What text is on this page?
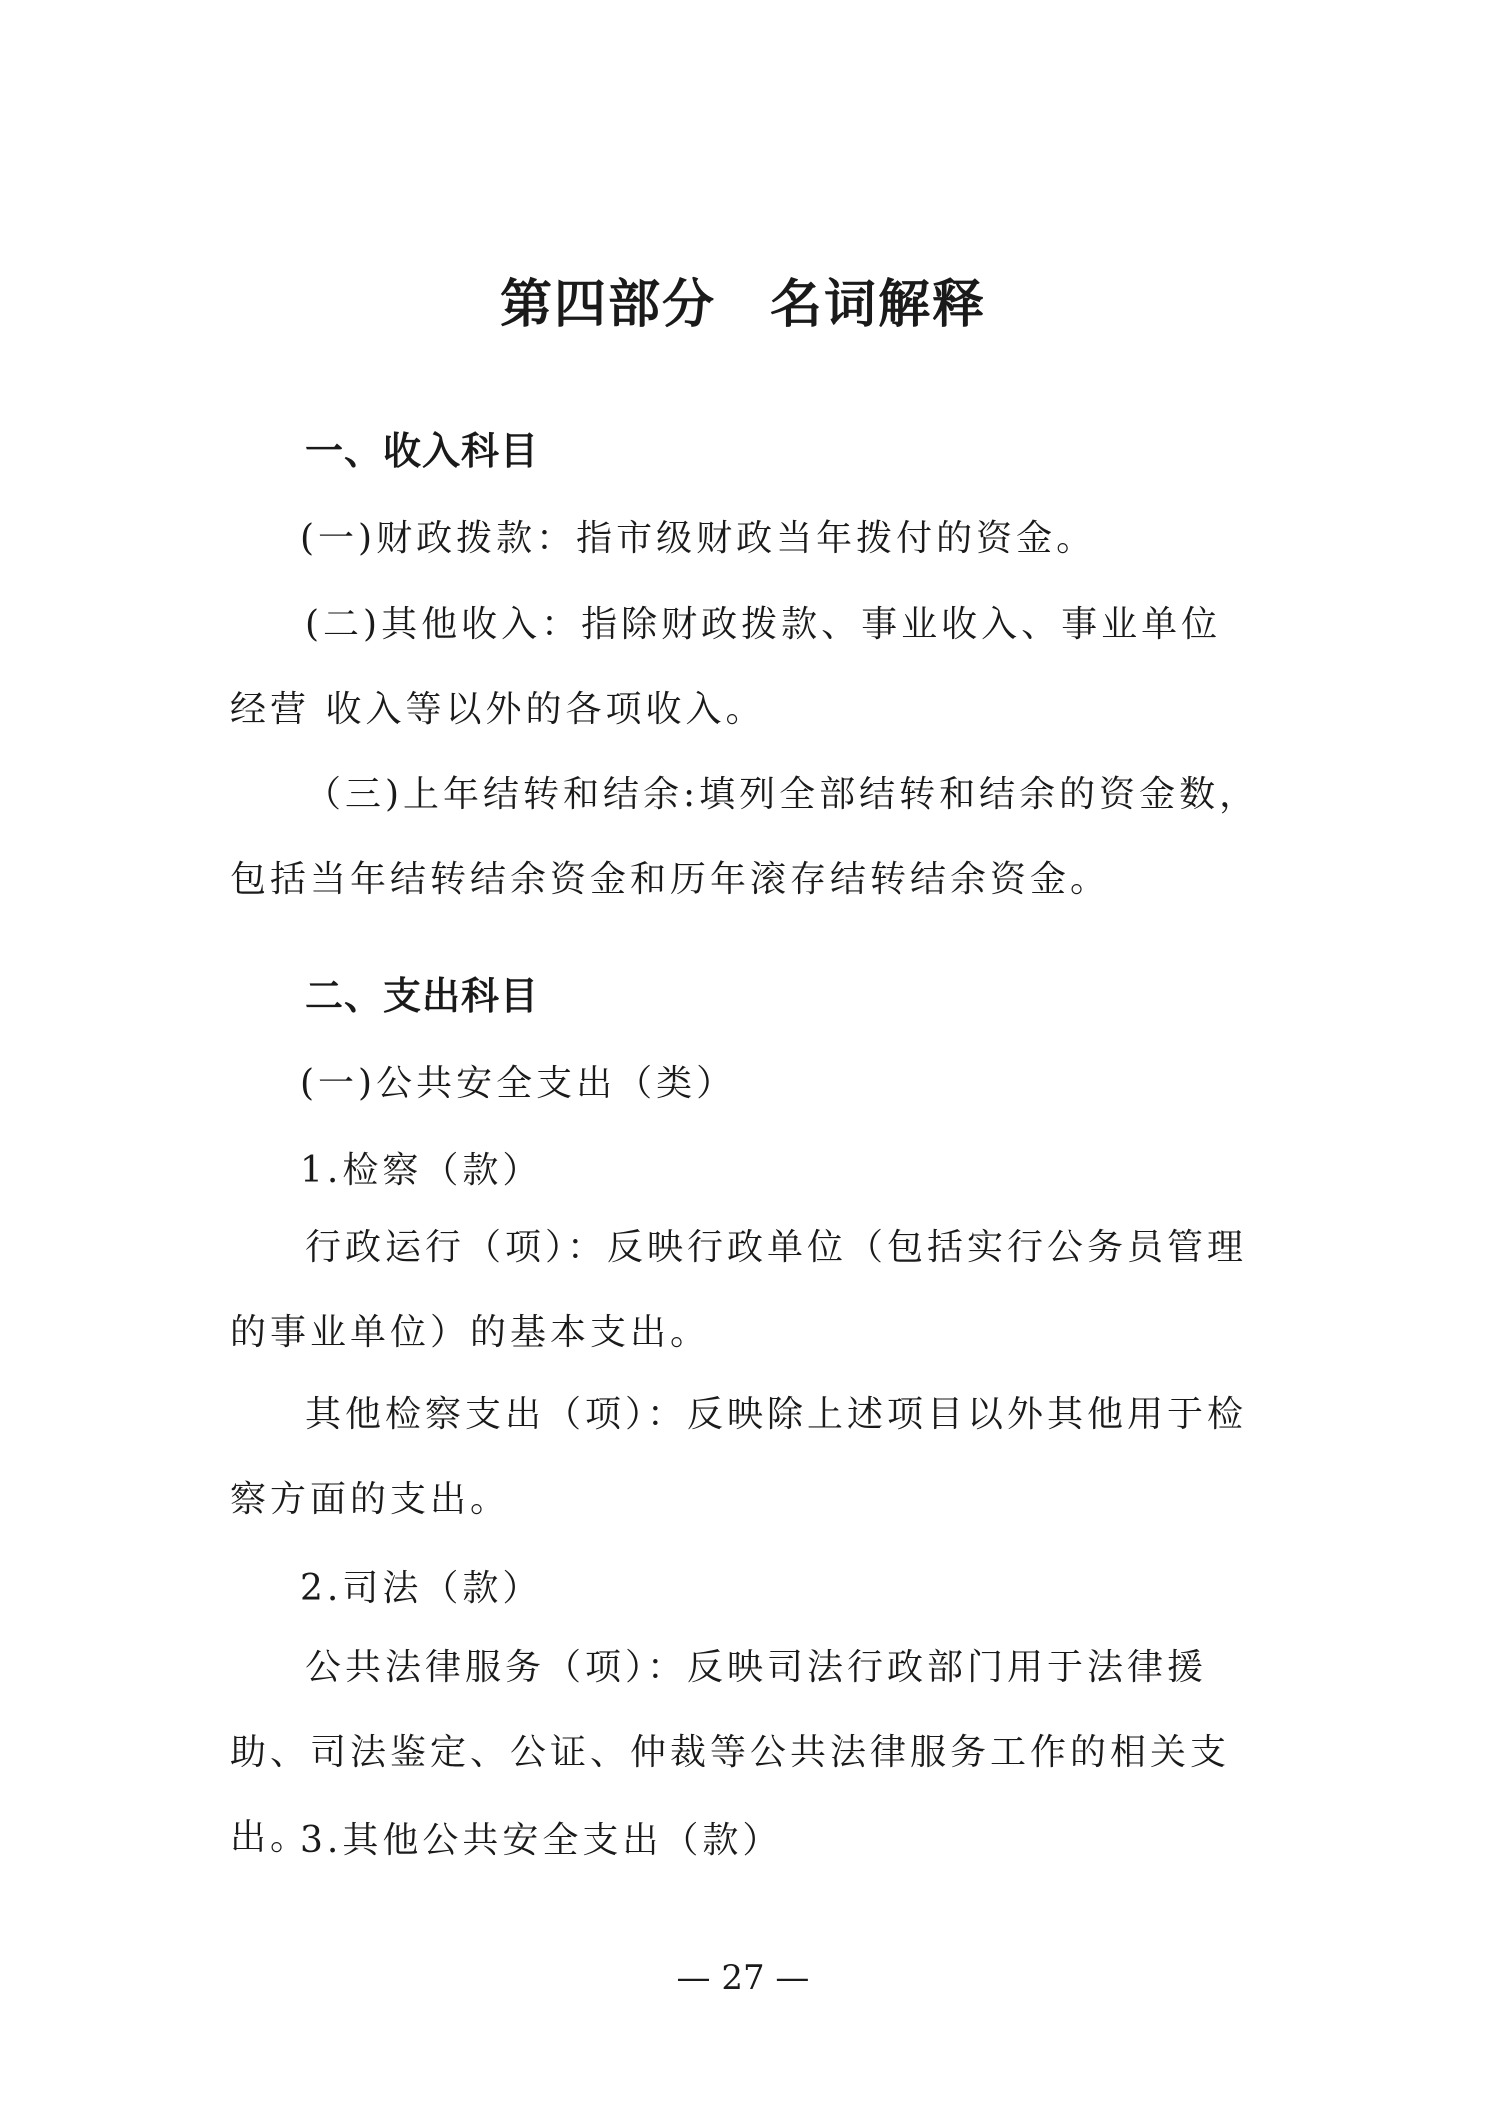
第四部分　名词解释
一、收入科目

(一)财政拨款：指市级财政当年拨付的资金。

(二)其他收入：指除财政拨款、事业收入、事业单位经营 收入等以外的各项收入。

（三)上年结转和结余:填列全部结转和结余的资金数，包括当年结转结余资金和历年滚存结转结余资金。

二、支出科目

(一)公共安全支出（类）

1.检察（款）

行政运行（项）：反映行政单位（包括实行公务员管理的事业单位）的基本支出。

其他检察支出（项）：反映除上述项目以外其他用于检察方面的支出。

2.司法（款）

公共法律服务（项）：反映司法行政部门用于法律援助、司法鉴定、公证、仲裁等公共法律服务工作的相关支出。

3.其他公共安全支出（款）

— 27 —
